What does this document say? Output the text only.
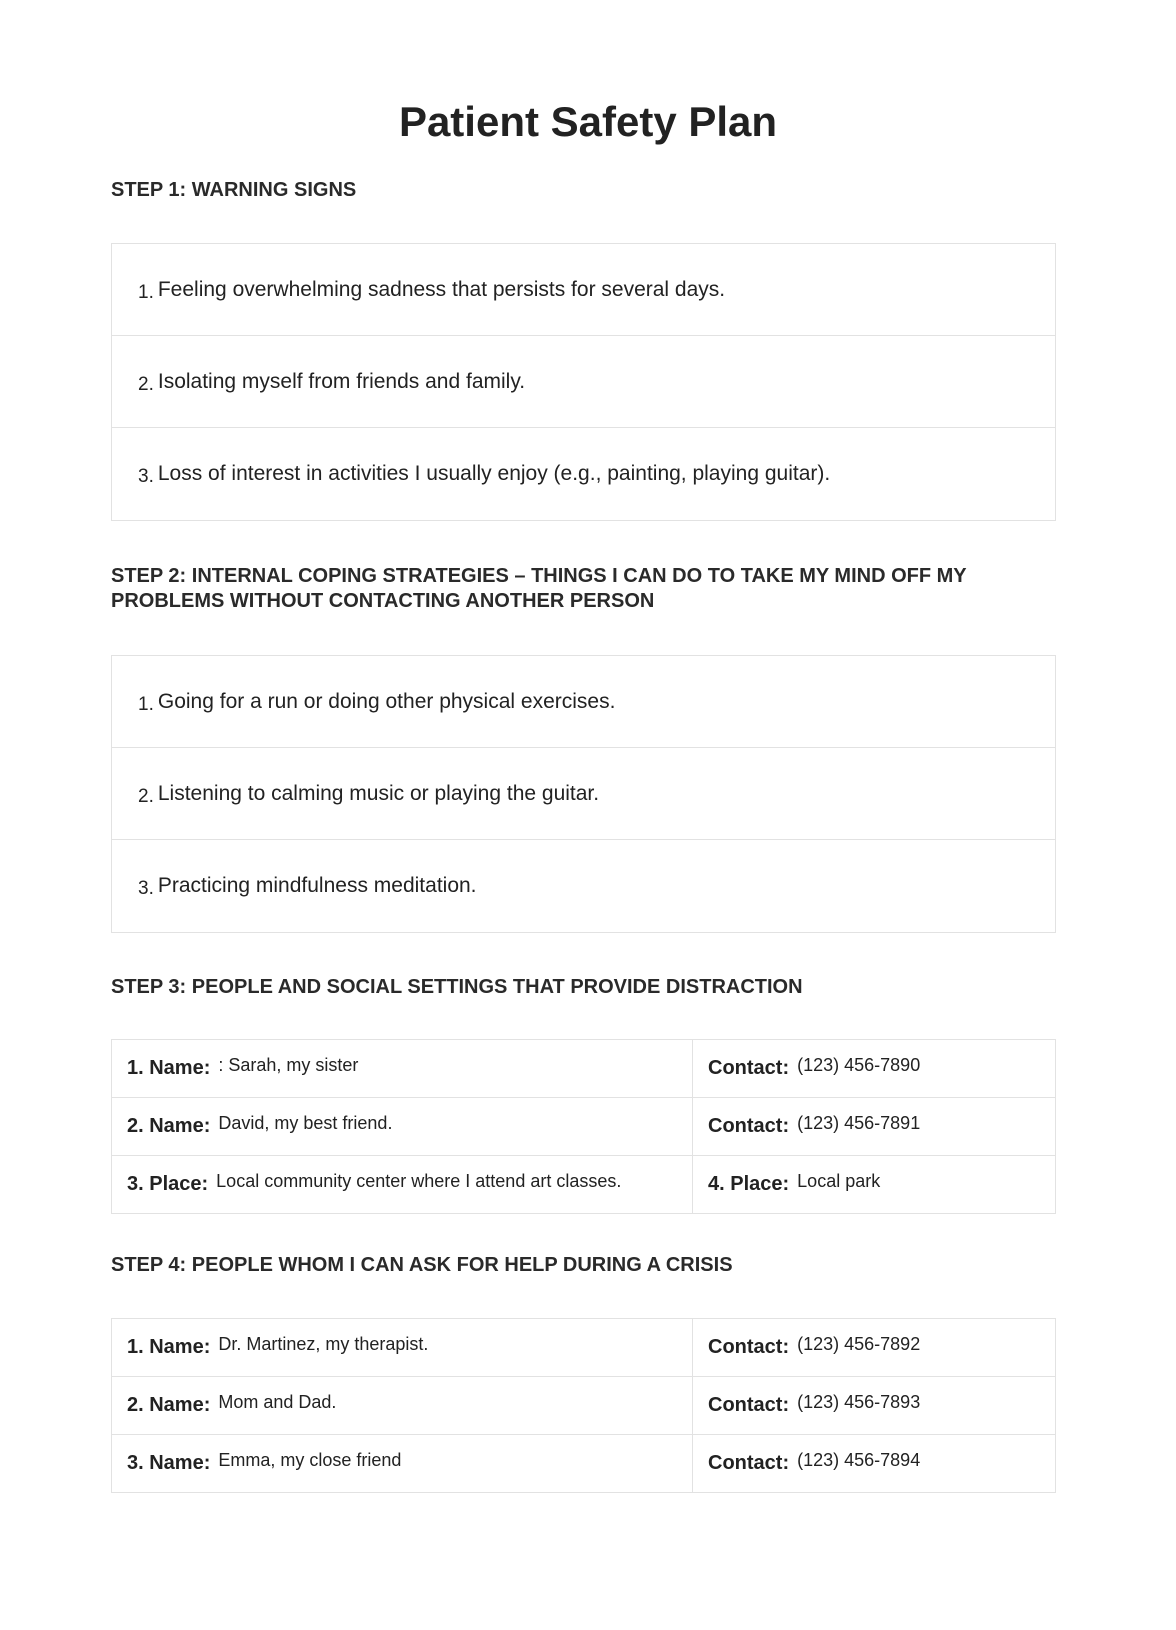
Patient Safety Plan
STEP 1: WARNING SIGNS
1. Feeling overwhelming sadness that persists for several days.
2. Isolating myself from friends and family.
3. Loss of interest in activities I usually enjoy (e.g., painting, playing guitar).
STEP 2: INTERNAL COPING STRATEGIES – THINGS I CAN DO TO TAKE MY MIND OFF MY PROBLEMS WITHOUT CONTACTING ANOTHER PERSON
1. Going for a run or doing other physical exercises.
2. Listening to calming music or playing the guitar.
3. Practicing mindfulness meditation.
STEP 3: PEOPLE AND SOCIAL SETTINGS THAT PROVIDE DISTRACTION
1. Name: : Sarah, my sister	Contact: (123) 456-7890
2. Name: David, my best friend.	Contact: (123) 456-7891
3. Place: Local community center where I attend art classes.	4. Place: Local park
STEP 4: PEOPLE WHOM I CAN ASK FOR HELP DURING A CRISIS
1. Name: Dr. Martinez, my therapist.	Contact: (123) 456-7892
2. Name: Mom and Dad.	Contact: (123) 456-7893
3. Name: Emma, my close friend	Contact: (123) 456-7894
